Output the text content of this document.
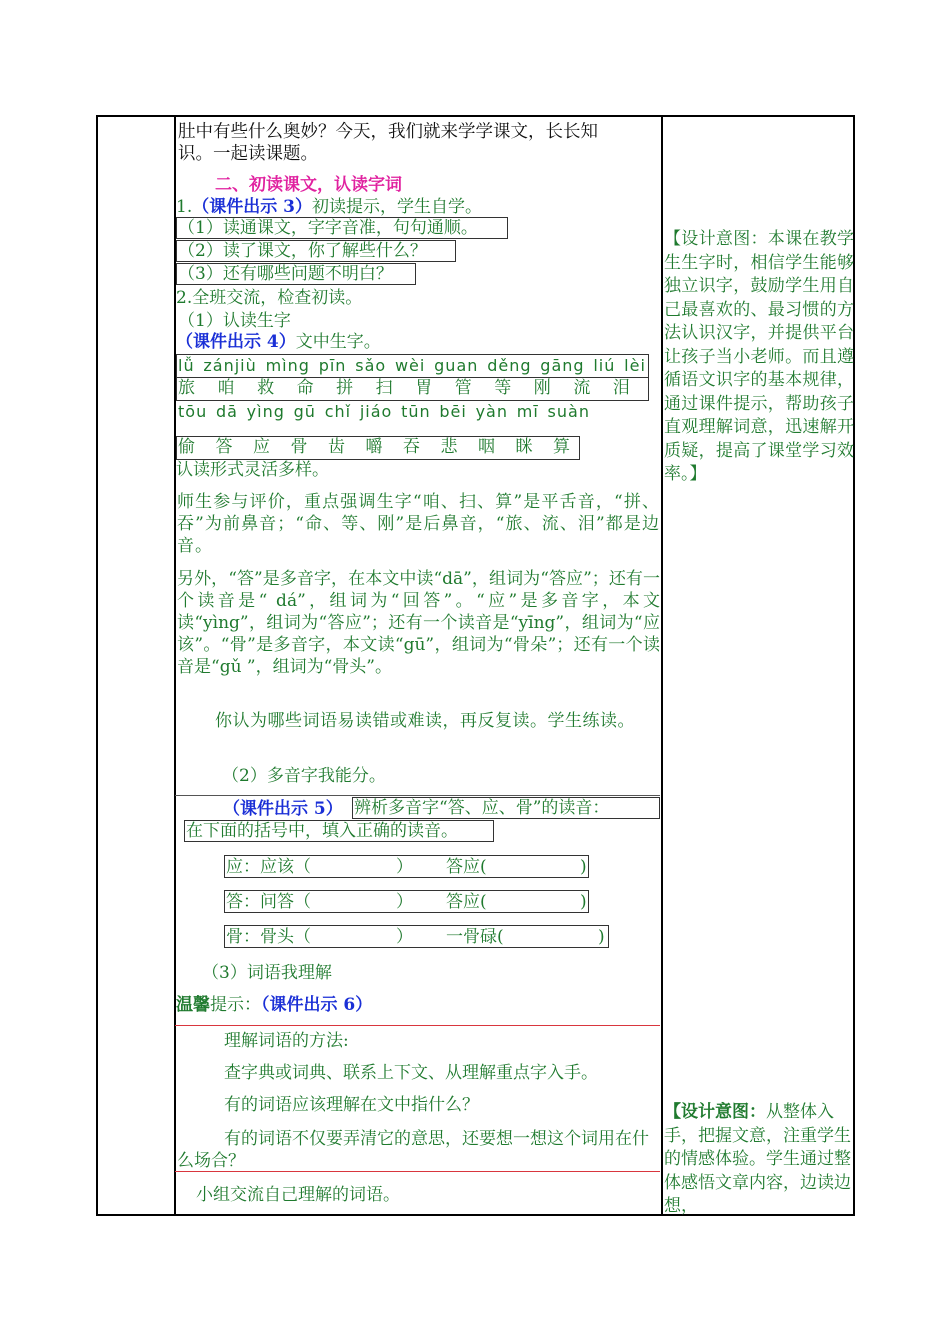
肚中有些什么奥妙？今天，我们就来学学课文，长长知
识。一起读课题。
二、初读课文，认读字词
1.（课件出示 3）初读提示，学生自学。
（1）读通课文，字字音准，句句通顺。
（2）读了课文，你了解些什么？
（3）还有哪些问题不明白？
2.全班交流，检查初读。
（1）认读生字
（课件出示 4）文中生字。
lǚ zánjiù mìng pīn sǎo wèi guan děng gāng liú lèi
旅 咱 救 命 拼 扫 胃 管 等 刚 流 泪
tōu dā yìng gū chǐ jiáo tūn bēi yàn mī suàn
偷 答 应 骨 齿 嚼 吞 悲 咽 眯 算
认读形式灵活多样。
师生参与评价，重点强调生字“咱、扫、算”是平舌音，“拼、吞”为前鼻音；“命、等、刚”是后鼻音，“旅、流、泪”都是边音。
另外，“答”是多音字，在本文中读“dā”，组词为“答应”；还有一个读音是“ dá”，组词为“回答”。“应”是多音字，本文读“yìng”，组词为“答应”；还有一个读音是“yīng”，组词为“应该”。“骨”是多音字，本文读“gū”，组词为“骨朵”；还有一个读音是“gǔ ”，组词为“骨头”。
你认为哪些词语易读错或难读，再反复读。学生练读。
（2）多音字我能分。
（课件出示 5） 辨析多音字“答、应、骨”的读音：
在下面的括号中，填入正确的读音。
应：应该（	） 答应(	)
答：问答（	） 答应(	)
骨：骨头（	） 一骨碌(	)
（3）词语我理解
温馨提示：（课件出示 6）
理解词语的方法:
查字典或词典、联系上下文、从理解重点字入手。
有的词语应该理解在文中指什么？
有的词语不仅要弄清它的意思，还要想一想这个词用在什么场合？
小组交流自己理解的词语。
【设计意图：本课在教学生生字时，相信学生能够独立识字，鼓励学生用自己最喜欢的、最习惯的方法认识汉字，并提供平台让孩子当小老师。而且遵循语文识字的基本规律，通过课件提示，帮助孩子直观理解词意，迅速解开质疑，提高了课堂学习效率。】
【设计意图：从整体入手，把握文意，注重学生的情感体验。学生通过整体感悟文章内容，边读边想，
